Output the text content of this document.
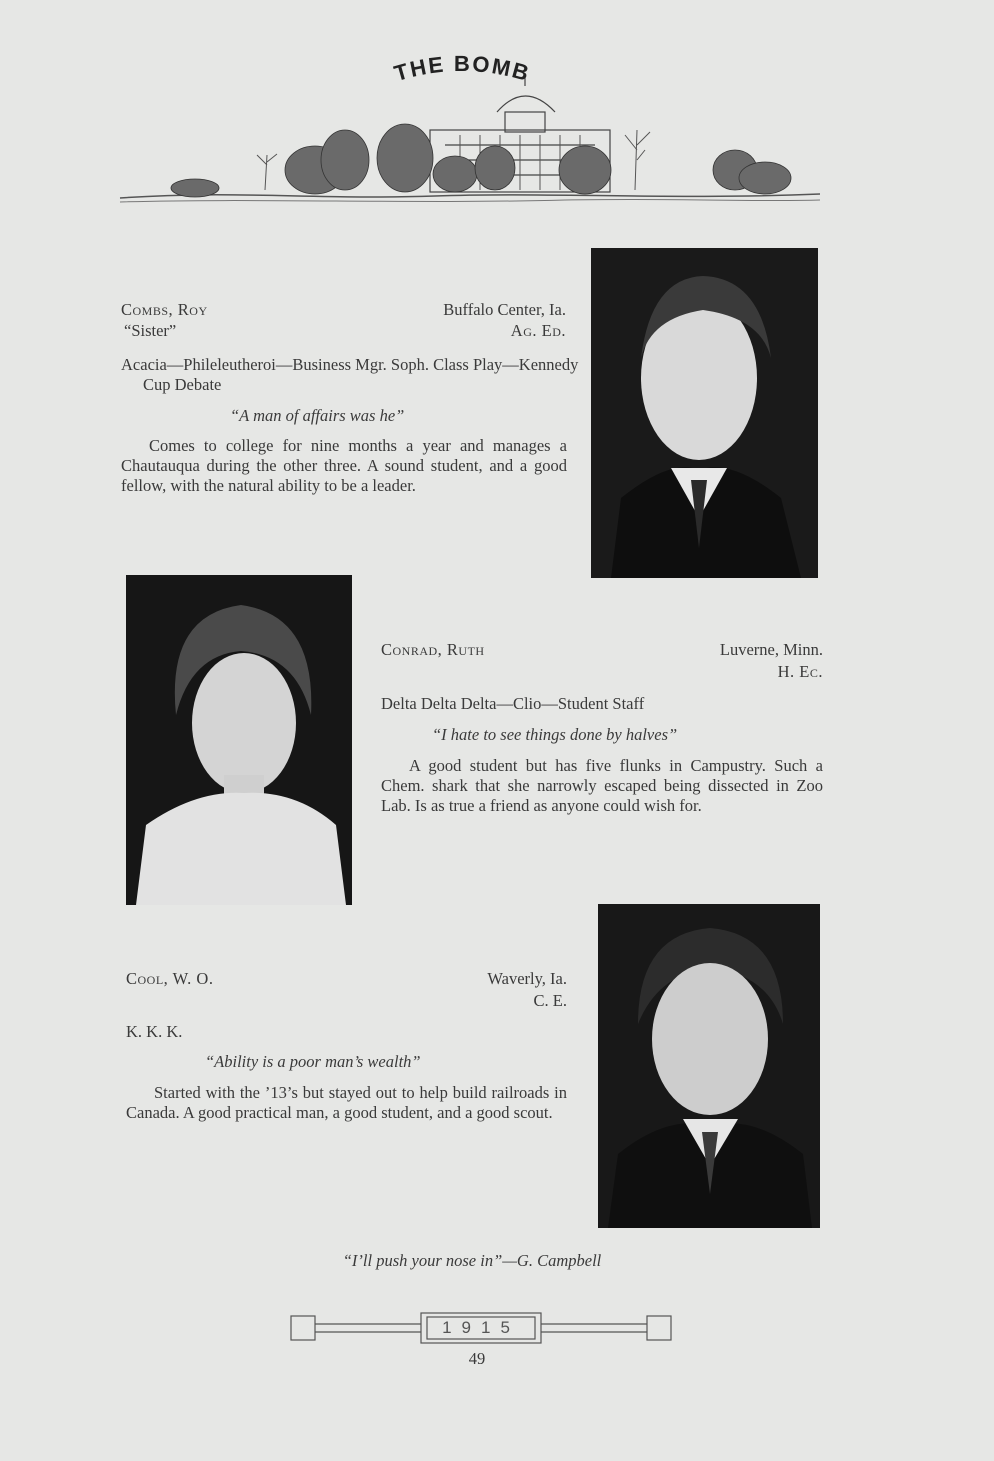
THE BOMB
Combs, Roy	Buffalo Center, Ia.
“Sister”	Ag. Ed.
Acacia—Phileleutheroi—Business Mgr. Soph. Class Play—Kennedy Cup Debate
“A man of affairs was he”
Comes to college for nine months a year and manages a Chautauqua during the other three. A sound student, and a good fellow, with the natural ability to be a leader.
Conrad, Ruth	Luverne, Minn.
H. Ec.
Delta Delta Delta—Clio—Student Staff
“I hate to see things done by halves”
A good student but has five flunks in Campustry. Such a Chem. shark that she narrowly escaped being dissected in Zoo Lab. Is as true a friend as anyone could wish for.
Cool, W. O.	Waverly, Ia.
C. E.
K. K. K.
“Ability is a poor man’s wealth”
Started with the ’13’s but stayed out to help build railroads in Canada. A good practical man, a good student, and a good scout.
“I’ll push your nose in”—G. Campbell
1915
49
